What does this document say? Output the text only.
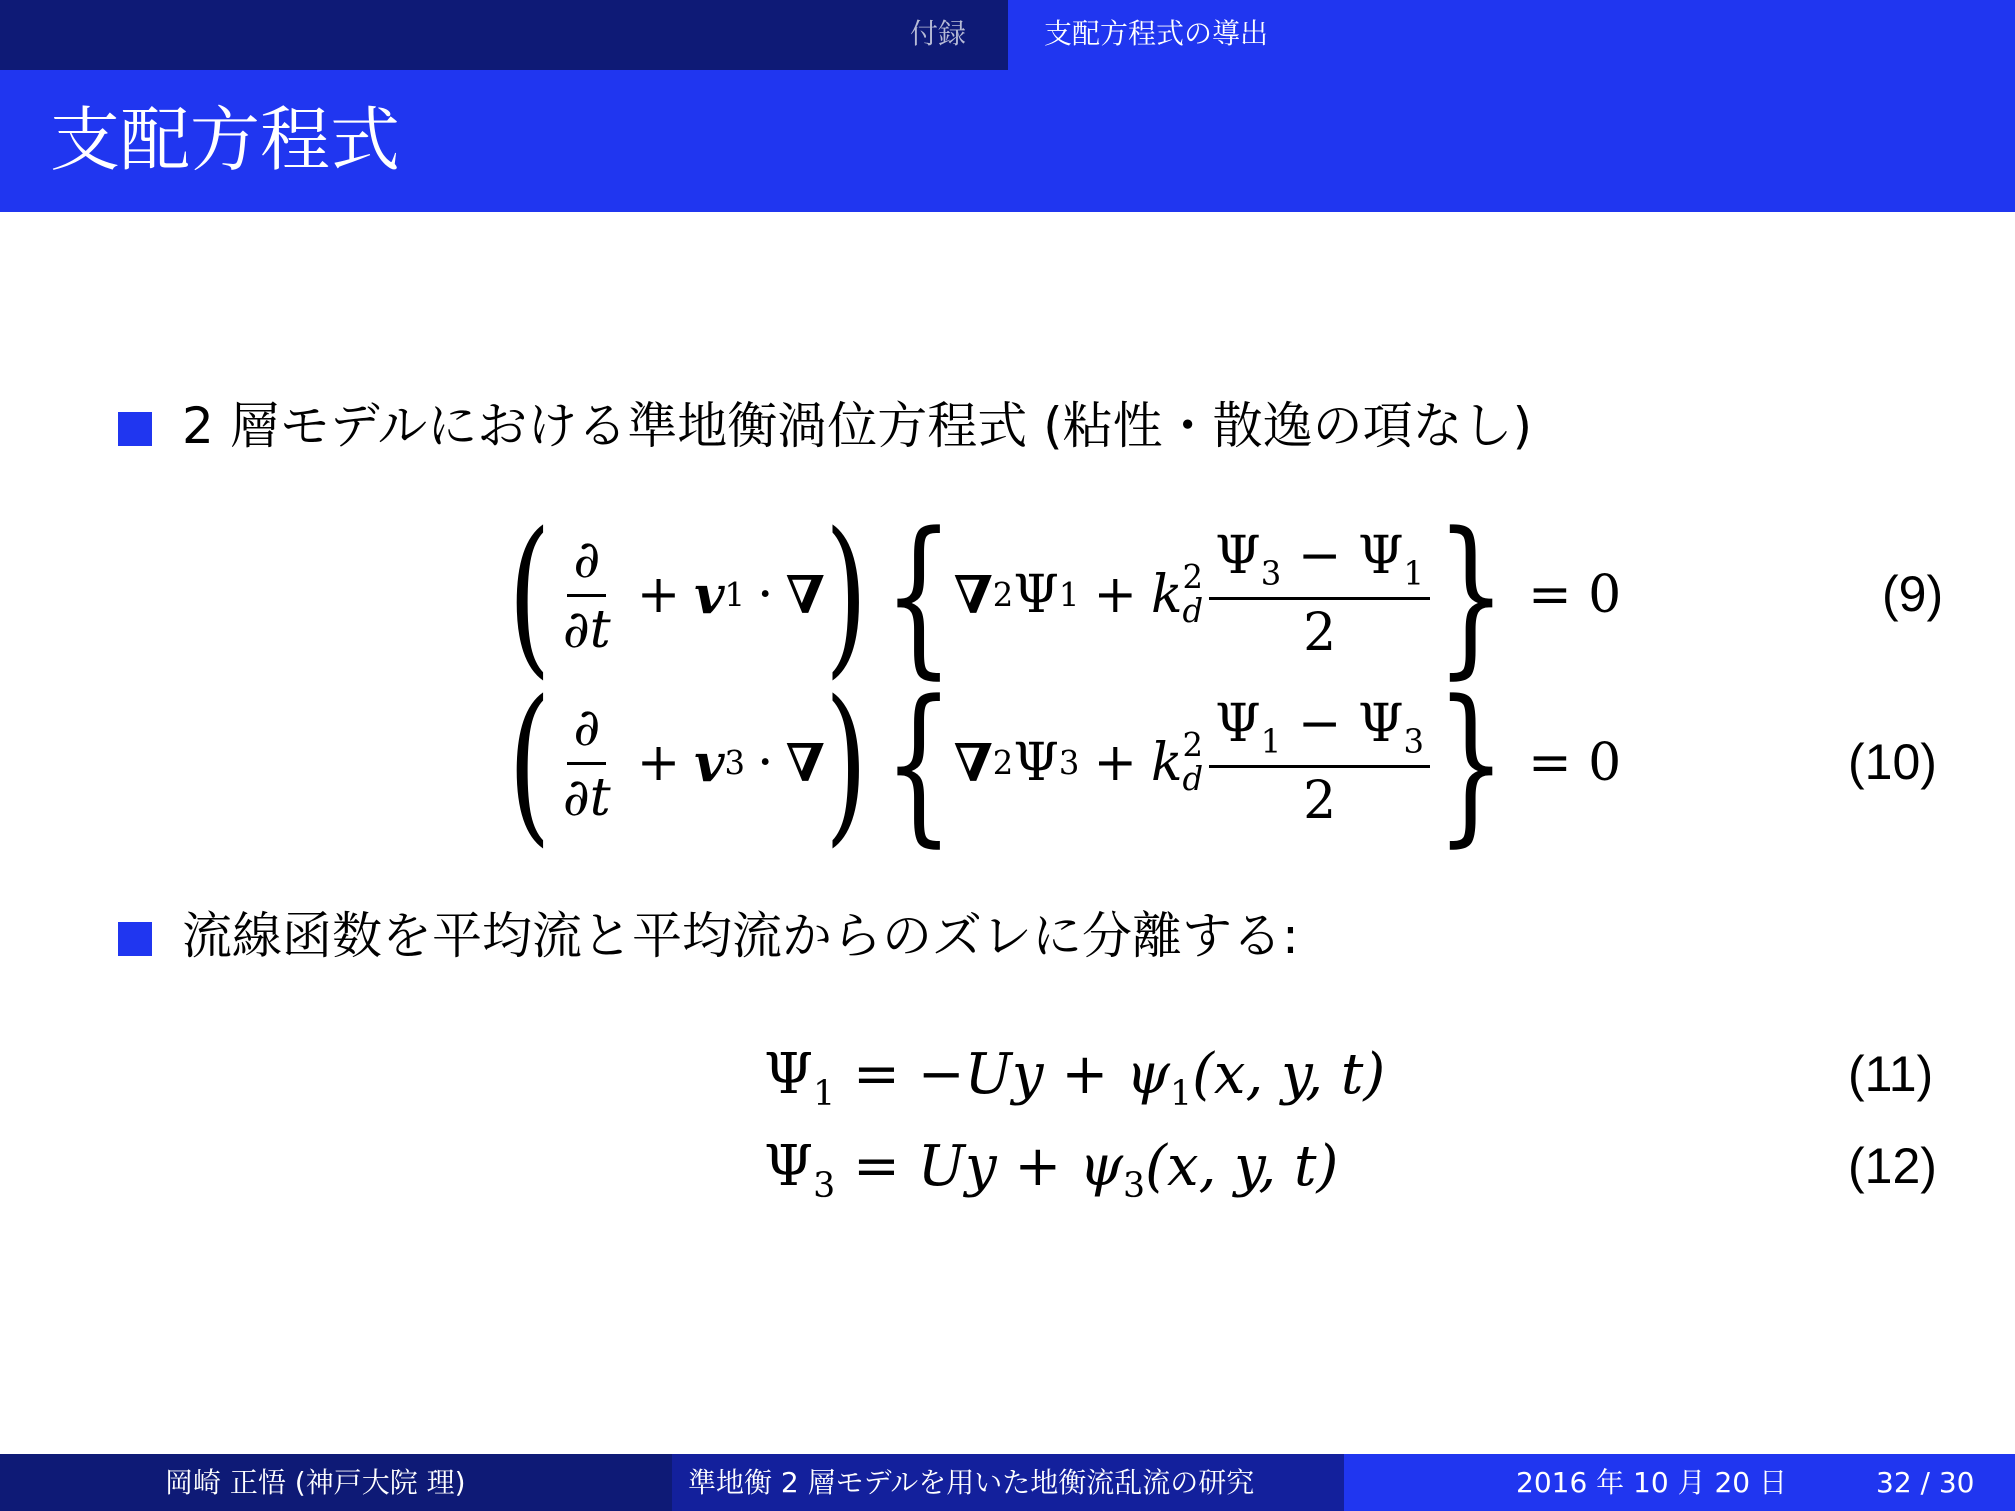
付録	支配方程式の導出
支配方程式
2 層モデルにおける準地衡渦位方程式 (粘性・散逸の項なし)
( $\frac{\partial}{\partial t} + v$ 1 · ∇ ) { ∇ 2 Ψ 1 + k 2
d $\frac{\Psi_3 - \Psi_1}{2}$ } = 0	(9)
( $\frac{\partial}{\partial t} + v$ 3 · ∇ ) { ∇ 2 Ψ 3 + k 2
d $\frac{\Psi_1 - \Psi_3}{2}$ } = 0	(10)
流線函数を平均流と平均流からのズレに分離する:
$\Psi_1 = -Uy + \psi_1(x$, y, t)	(11)
$\Psi_3 = Uy + \psi_3(x$, y, t)	(12)
岡崎 正悟 (神戸大院 理)	準地衡 2 層モデルを用いた地衡流乱流の研究	2016 年 10 月 20 日	32 / 30
